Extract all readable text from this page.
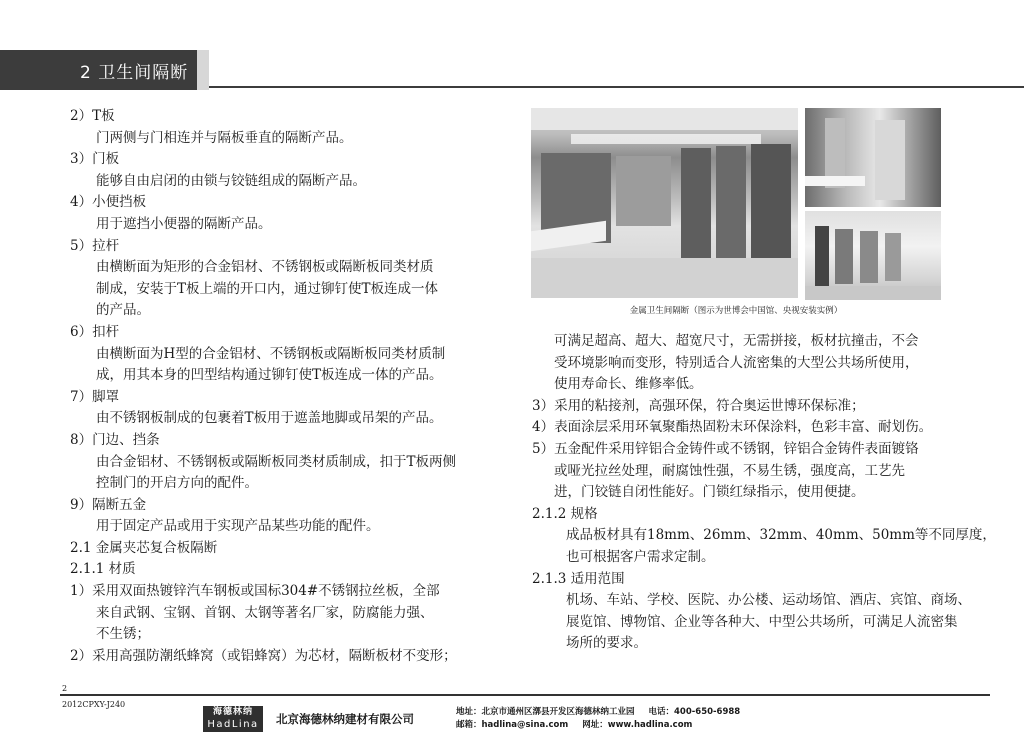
2 卫生间隔断

2）T板

门两侧与门相连并与隔板垂直的隔断产品。

3）门板

能够自由启闭的由锁与铰链组成的隔断产品。

4）小便挡板

用于遮挡小便器的隔断产品。

5）拉杆

由横断面为矩形的合金铝材、不锈钢板或隔断板同类材质

制成，安装于T板上端的开口内，通过铆钉使T板连成一体

的产品。

6）扣杆

由横断面为H型的合金铝材、不锈钢板或隔断板同类材质制

成，用其本身的凹型结构通过铆钉使T板连成一体的产品。

7）脚罩

由不锈钢板制成的包裹着T板用于遮盖地脚或吊架的产品。

8）门边、挡条

由合金铝材、不锈钢板或隔断板同类材质制成，扣于T板两侧

控制门的开启方向的配件。

9）隔断五金

用于固定产品或用于实现产品某些功能的配件。

2.1 金属夹芯复合板隔断

2.1.1 材质

1）采用双面热镀锌汽车钢板或国标304#不锈钢拉丝板，全部

来自武钢、宝钢、首钢、太钢等著名厂家，防腐能力强、

不生锈；

2）采用高强防潮纸蜂窝（或铝蜂窝）为芯材，隔断板材不变形；

可满足超高、超大、超宽尺寸，无需拼接，板材抗撞击，不会

受环境影响而变形，特别适合人流密集的大型公共场所使用，

使用寿命长、维修率低。

3）采用的粘接剂，高强环保，符合奥运世博环保标准；

4）表面涂层采用环氧聚酯热固粉末环保涂料，色彩丰富、耐划伤。

5）五金配件采用锌铝合金铸件或不锈钢，锌铝合金铸件表面镀铬

或哑光拉丝处理，耐腐蚀性强，不易生锈，强度高，工艺先

进，门铰链自闭性能好。门锁红绿指示，使用便捷。

2.1.2 规格

成品板材具有18mm、26mm、32mm、40mm、50mm等不同厚度，

也可根据客户需求定制。

2.1.3 适用范围

机场、车站、学校、医院、办公楼、运动场馆、酒店、宾馆、商场、

展览馆、博物馆、企业等各种大、中型公共场所，可满足人流密集

场所的要求。

金属卫生间隔断（图示为世博会中国馆、央视安装实例）
2
2012CPXY-J240
海德林纳
HadLina	北京海德林纳建材有限公司	地址：北京市通州区漷县开发区海德林纳工业园 电话：400-650-6988
邮箱：hadlina@sina.com 网址：www.hadlina.com
